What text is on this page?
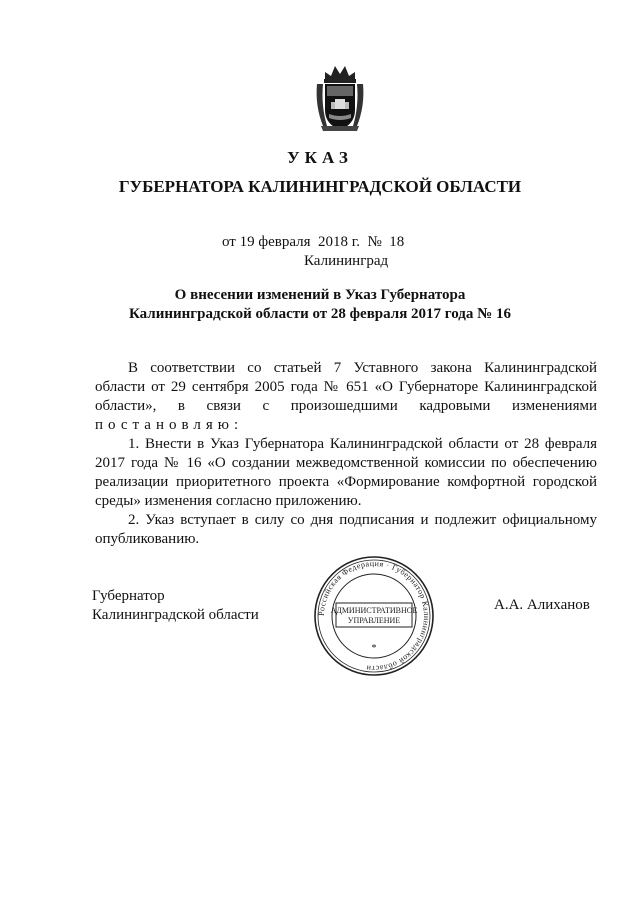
УКАЗ
ГУБЕРНАТОРА КАЛИНИНГРАДСКОЙ ОБЛАСТИ
от 19 февраля  2018 г.  №  18
Калининград
О внесении изменений в Указ Губернатора
Калининградской области от 28 февраля 2017 года № 16
В соответствии со статьей 7 Уставного закона Калининградской
области от 29 сентября 2005 года № 651 «О Губернаторе Калининградской
области», в связи с произошедшими кадровыми изменениями
постановляю:
1. Внести в Указ Губернатора Калининградской области от 28 февраля
2017 года № 16 «О создании межведомственной комиссии по обеспечению
реализации приоритетного проекта «Формирование комфортной городской
среды» изменения согласно приложению.
2. Указ вступает в силу со дня подписания и подлежит официальному
опубликованию.
Губернатор
Калининградской области	Российская Федерация · Губернатор Калининградской области
АДМИНИСТРАТИВНОЕ
УПРАВЛЕНИЕ
*
А.А. Алиханов
